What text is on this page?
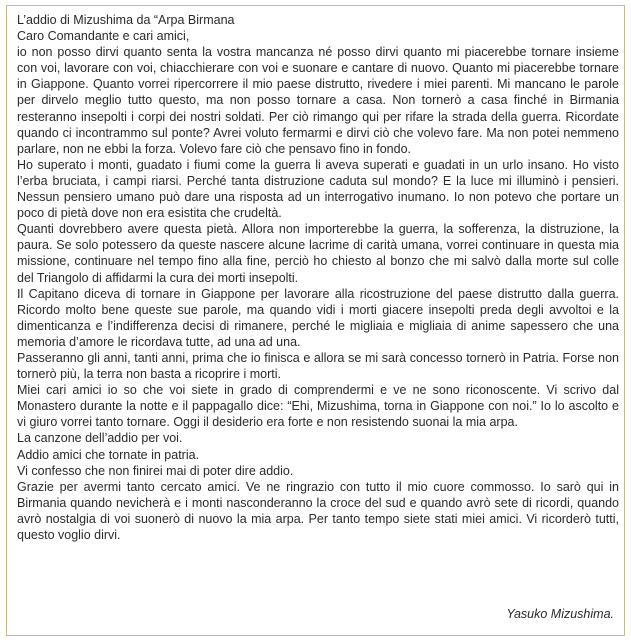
L’addio di Mizushima da “Arpa Birmana

Caro Comandante e cari amici,

io non posso dirvi quanto senta la vostra mancanza né posso dirvi quanto mi piacerebbe tornare insieme con voi, lavorare con voi, chiacchierare con voi e suonare e cantare di nuovo. Quanto mi piacerebbe tornare in Giappone. Quanto vorrei ripercorrere il mio paese distrutto, rivedere i miei parenti. Mi mancano le parole per dirvelo meglio tutto questo, ma non posso tornare a casa. Non tornerò a casa finché in Birmania resteranno insepolti i corpi dei nostri soldati. Per ciò rimango qui per rifare la strada della guerra. Ricordate quando ci incontrammo sul ponte? Avrei voluto fermarmi e dirvi ciò che volevo fare. Ma non potei nemmeno parlare, non ne ebbi la forza. Volevo fare ciò che pensavo fino in fondo.

Ho superato i monti, guadato i fiumi come la guerra li aveva superati e guadati in un urlo insano. Ho visto l’erba bruciata, i campi riarsi. Perché tanta distruzione caduta sul mondo? E la luce mi illuminò i pensieri. Nessun pensiero umano può dare una risposta ad un interrogativo inumano. Io non potevo che portare un poco di pietà dove non era esistita che crudeltà.

Quanti dovrebbero avere questa pietà. Allora non importerebbe la guerra, la sofferenza, la distruzione, la paura. Se solo potessero da queste nascere alcune lacrime di carità umana, vorrei continuare in questa mia missione, continuare nel tempo fino alla fine, perciò ho chiesto al bonzo che mi salvò dalla morte sul colle del Triangolo di affidarmi la cura dei morti insepolti.

Il Capitano diceva di tornare in Giappone per lavorare alla ricostruzione del paese distrutto dalla guerra. Ricordo molto bene queste sue parole, ma quando vidi i morti giacere insepolti preda degli avvoltoi e la dimenticanza e l’indifferenza decisi di rimanere, perché le migliaia e migliaia di anime sapessero che una memoria d’amore le ricordava tutte, ad una ad una.

Passeranno gli anni, tanti anni, prima che io finisca e allora se mi sarà concesso tornerò in Patria. Forse non tornerò più, la terra non basta a ricoprire i morti.

Miei cari amici io so che voi siete in grado di comprendermi e ve ne sono riconoscente. Vi scrivo dal Monastero durante la notte e il pappagallo dice: “Ehi, Mizushima, torna in Giappone con noi.” Io lo ascolto e vi giuro vorrei tanto tornare. Oggi il desiderio era forte e non resistendo suonai la mia arpa.

La canzone dell’addio per voi.

Addio amici che tornate in patria.

Vi confesso che non finirei mai di poter dire addio.

Grazie per avermi tanto cercato amici. Ve ne ringrazio con tutto il mio cuore commosso. Io sarò qui in Birmania quando nevicherà e i monti nasconderanno la croce del sud e quando avrò sete di ricordi, quando avrò nostalgia di voi suonerò di nuovo la mia arpa. Per tanto tempo siete stati miei amici. Vi ricorderò tutti, questo voglio dirvi.

Yasuko Mizushima.
